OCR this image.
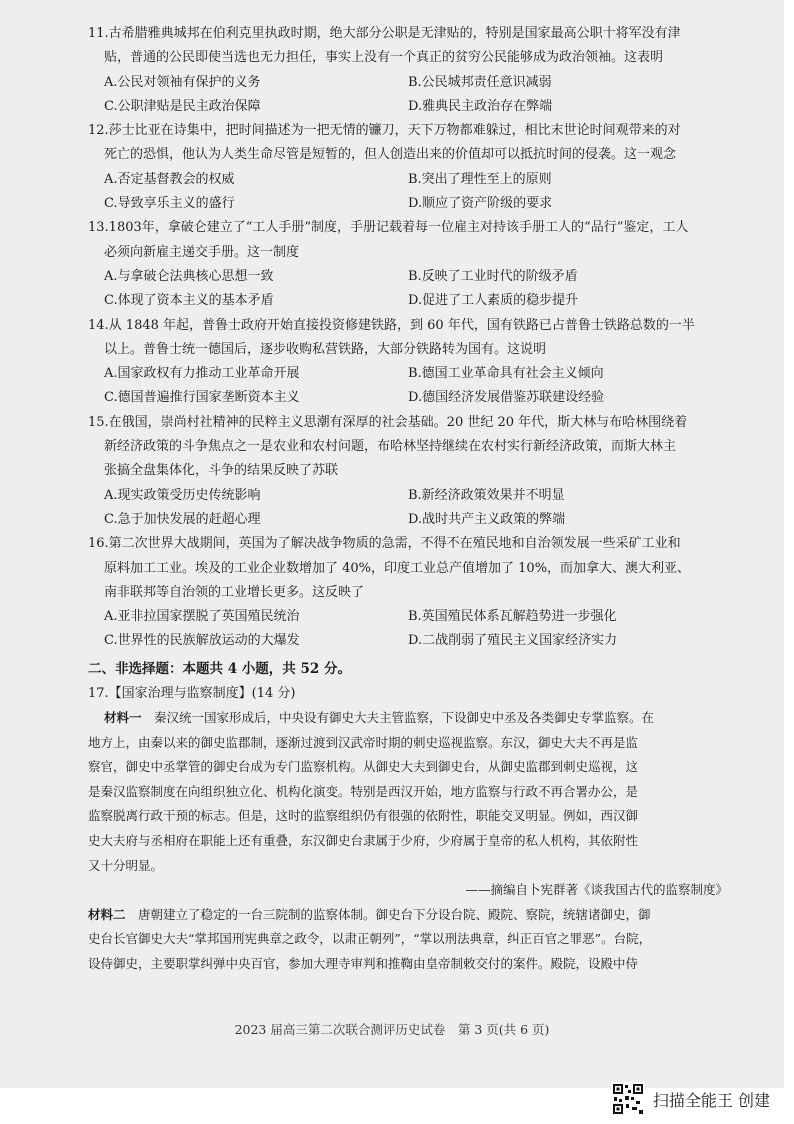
11.古希腊雅典城邦在伯利克里执政时期，绝大部分公职是无津贴的，特别是国家最高公职十将军没有津

贴，普通的公民即使当选也无力担任，事实上没有一个真正的贫穷公民能够成为政治领袖。这表明

A.公民对领袖有保护的义务	B.公民城邦责任意识减弱
C.公职津贴是民主政治保障	D.雅典民主政治存在弊端

12.莎士比亚在诗集中，把时间描述为一把无情的镰刀，天下万物都难躲过，相比末世论时间观带来的对

死亡的恐惧，他认为人类生命尽管是短暂的，但人创造出来的价值却可以抵抗时间的侵袭。这一观念

A.否定基督教会的权威	B.突出了理性至上的原则
C.导致享乐主义的盛行	D.顺应了资产阶级的要求

13.1803年，拿破仑建立了“工人手册”制度，手册记载着每一位雇主对持该手册工人的“品行”鉴定，工人

必须向新雇主递交手册。这一制度

A.与拿破仑法典核心思想一致	B.反映了工业时代的阶级矛盾
C.体现了资本主义的基本矛盾	D.促进了工人素质的稳步提升

14.从 1848 年起，普鲁士政府开始直接投资修建铁路，到 60 年代，国有铁路已占普鲁士铁路总数的一半

以上。普鲁士统一德国后，逐步收购私营铁路，大部分铁路转为国有。这说明

A.国家政权有力推动工业革命开展	B.德国工业革命具有社会主义倾向
C.德国普遍推行国家垄断资本主义	D.德国经济发展借鉴苏联建设经验

15.在俄国，崇尚村社精神的民粹主义思潮有深厚的社会基础。20 世纪 20 年代，斯大林与布哈林围绕着

新经济政策的斗争焦点之一是农业和农村问题，布哈林坚持继续在农村实行新经济政策，而斯大林主

张搞全盘集体化，斗争的结果反映了苏联

A.现实政策受历史传统影响	B.新经济政策效果并不明显
C.急于加快发展的赶超心理	D.战时共产主义政策的弊端

16.第二次世界大战期间，英国为了解决战争物质的急需，不得不在殖民地和自治领发展一些采矿工业和

原料加工工业。埃及的工业企业数增加了 40%，印度工业总产值增加了 10%，而加拿大、澳大利亚、

南非联邦等自治领的工业增长更多。这反映了

A.亚非拉国家摆脱了英国殖民统治	B.英国殖民体系瓦解趋势进一步强化
C.世界性的民族解放运动的大爆发	D.二战削弱了殖民主义国家经济实力
二、非选择题：本题共 4 小题，共 52 分。

17.【国家治理与监察制度】(14 分)

材料一　 秦汉统一国家形成后，中央设有御史大夫主管监察，下设御史中丞及各类御史专掌监察。在

地方上，由秦以来的御史监郡制，逐渐过渡到汉武帝时期的刺史巡视监察。东汉，御史大夫不再是监

察官，御史中丞掌管的御史台成为专门监察机构。从御史大夫到御史台，从御史监郡到刺史巡视，这

是秦汉监察制度在向组织独立化、机构化演变。特别是西汉开始，地方监察与行政不再合署办公，是

监察脱离行政干预的标志。但是，这时的监察组织仍有很强的依附性，职能交叉明显。例如，西汉御

史大夫府与丞相府在职能上还有重叠，东汉御史台隶属于少府，少府属于皇帝的私人机构，其依附性

又十分明显。

——摘编自卜宪群著《谈我国古代的监察制度》

材料二　 唐朝建立了稳定的一台三院制的监察体制。御史台下分设台院、殿院、察院，统辖诸御史，御

史台长官御史大夫“掌邦国刑宪典章之政令，以肃正朝列”，“掌以刑法典章，纠正百官之罪恶”。台院，

设侍御史，主要职掌纠弹中央百官，参加大理寺审判和推鞫由皇帝制敕交付的案件。殿院，设殿中侍

2023 届高三第二次联合测评历史试卷　第 3 页(共 6 页)
扫描全能王 创建
